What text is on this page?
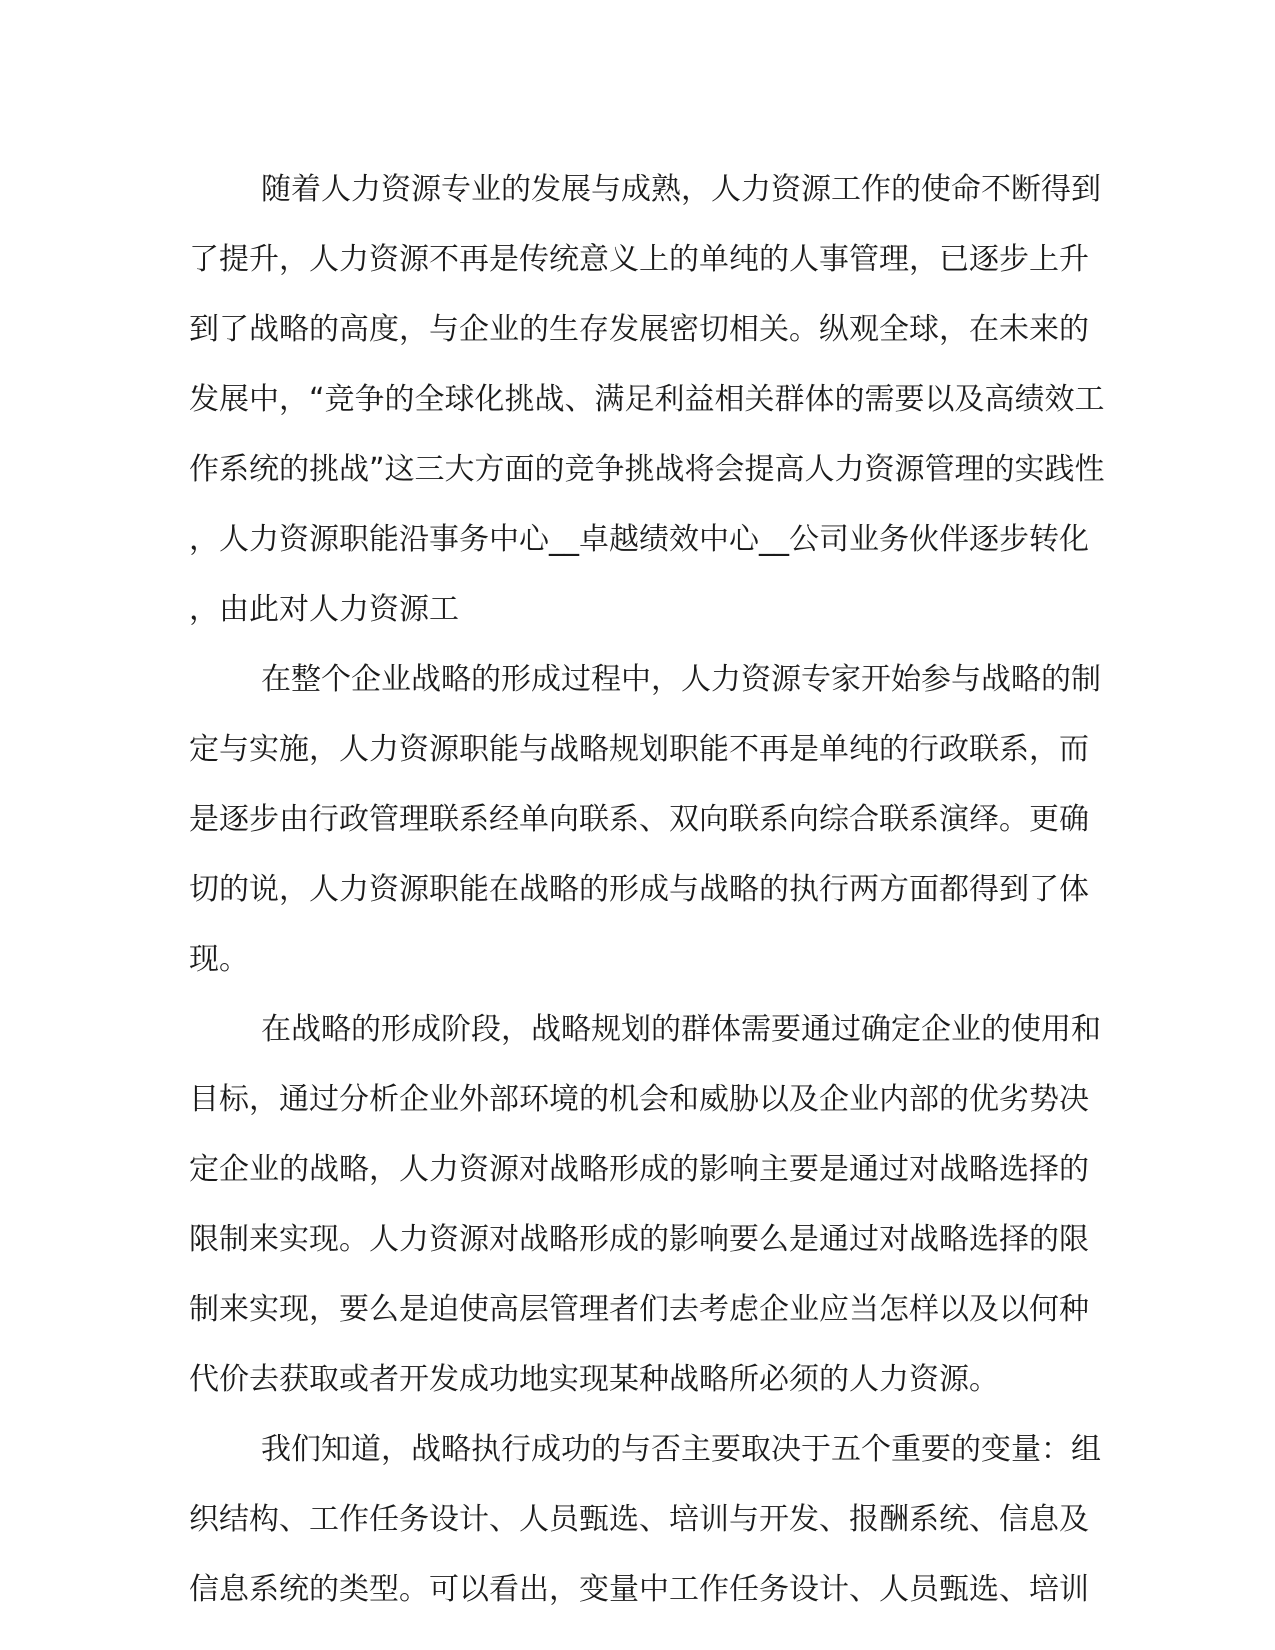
随着人力资源专业的发展与成熟，人力资源工作的使命不断得到
了提升，人力资源不再是传统意义上的单纯的人事管理，已逐步上升
到了战略的高度，与企业的生存发展密切相关。纵观全球，在未来的
发展中，“竞争的全球化挑战、满足利益相关群体的需要以及高绩效工
作系统的挑战”这三大方面的竞争挑战将会提高人力资源管理的实践性
，人力资源职能沿事务中心__卓越绩效中心__公司业务伙伴逐步转化
，由此对人力资源工
在整个企业战略的形成过程中，人力资源专家开始参与战略的制
定与实施，人力资源职能与战略规划职能不再是单纯的行政联系，而
是逐步由行政管理联系经单向联系、双向联系向综合联系演绎。更确
切的说，人力资源职能在战略的形成与战略的执行两方面都得到了体
现。
在战略的形成阶段，战略规划的群体需要通过确定企业的使用和
目标，通过分析企业外部环境的机会和威胁以及企业内部的优劣势决
定企业的战略，人力资源对战略形成的影响主要是通过对战略选择的
限制来实现。人力资源对战略形成的影响要么是通过对战略选择的限
制来实现，要么是迫使高层管理者们去考虑企业应当怎样以及以何种
代价去获取或者开发成功地实现某种战略所必须的人力资源。
我们知道，战略执行成功的与否主要取决于五个重要的变量：组
织结构、工作任务设计、人员甄选、培训与开发、报酬系统、信息及
信息系统的类型。可以看出，变量中工作任务设计、人员甄选、培训
